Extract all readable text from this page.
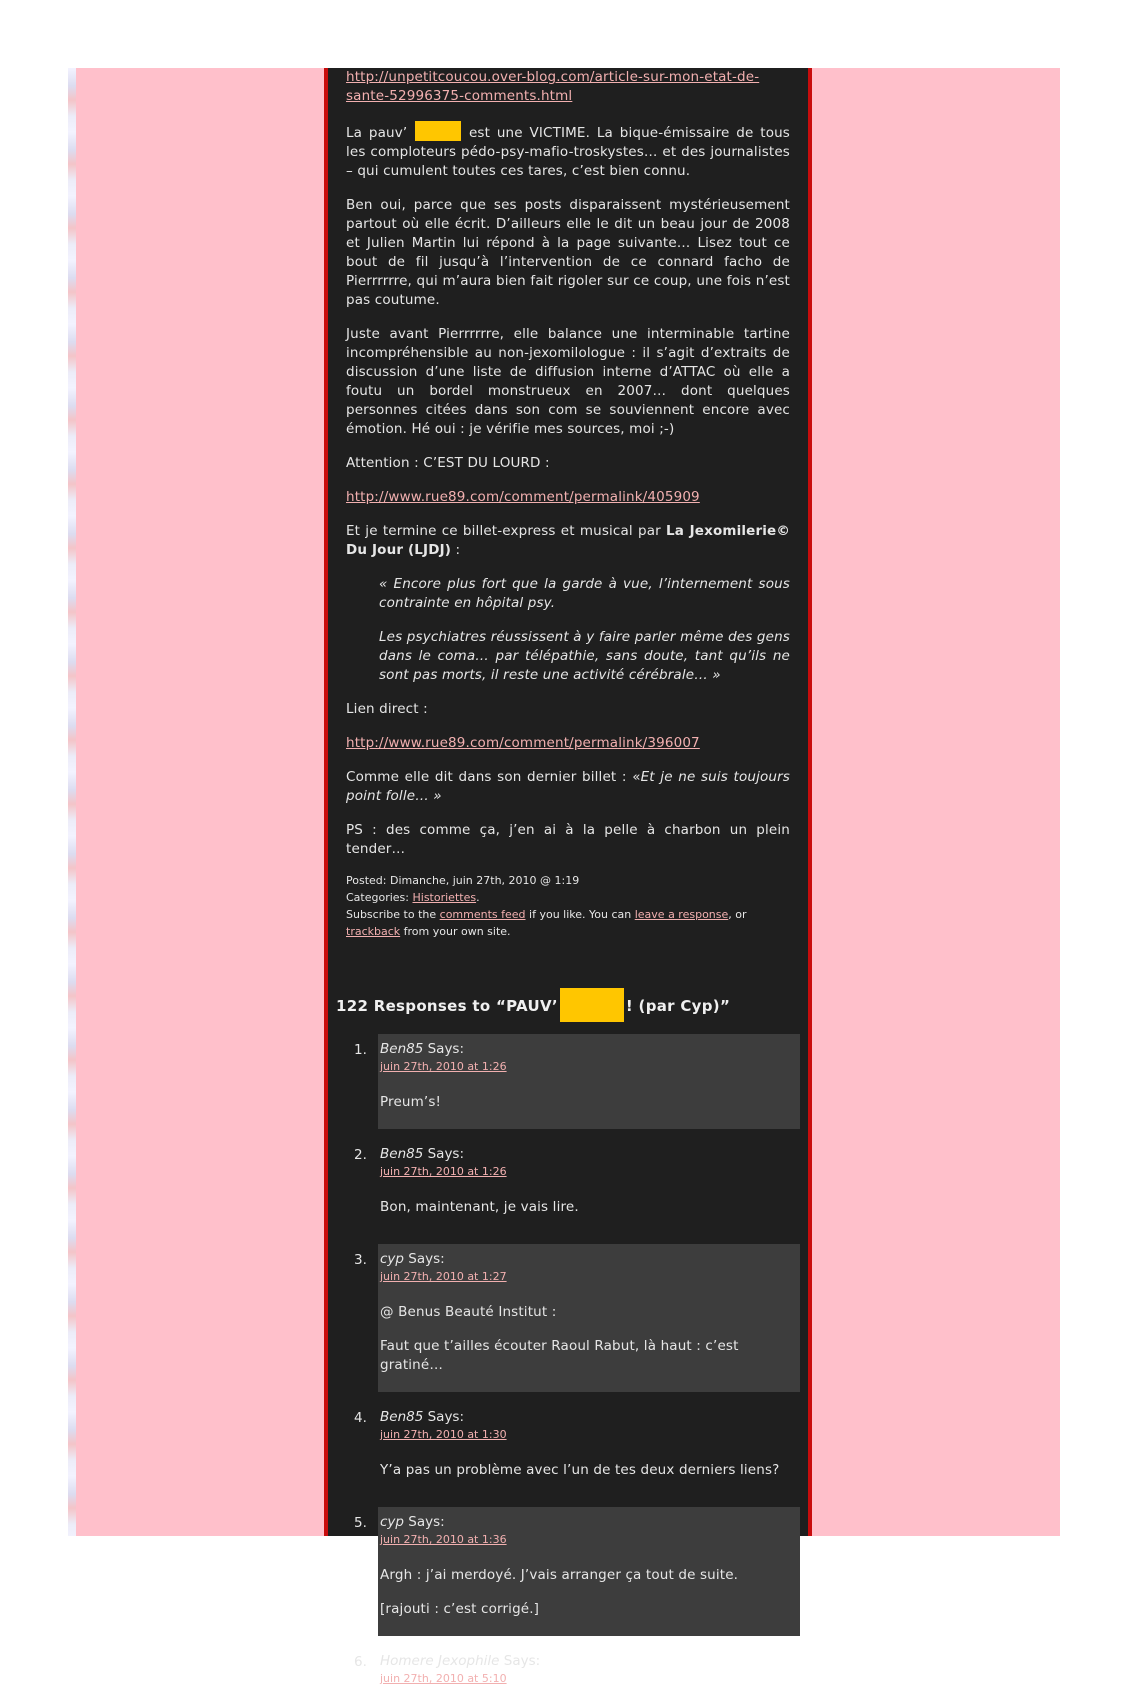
http://unpetitcoucou.over-blog.com/article-sur-mon-etat-de-sante-52996375-comments.html

La pauv’	est une VICTIME. La bique-émissaire de tous les comploteurs pédo-psy-mafio-troskystes… et des journalistes – qui cumulent toutes ces tares, c’est bien connu.

Ben oui, parce que ses posts disparaissent mystérieusement partout où elle écrit. D’ailleurs elle le dit un beau jour de 2008 et Julien Martin lui répond à la page suivante… Lisez tout ce bout de fil jusqu’à l’intervention de ce connard facho de Pierrrrrre, qui m’aura bien fait rigoler sur ce coup, une fois n’est pas coutume.

Juste avant Pierrrrrre, elle balance une interminable tartine incompréhensible au non-jexomilologue : il s’agit d’extraits de discussion d’une liste de diffusion interne d’ATTAC où elle a foutu un bordel monstrueux en 2007… dont quelques personnes citées dans son com se souviennent encore avec émotion. Hé oui : je vérifie mes sources, moi ;-)

Attention : C’EST DU LOURD :

http://www.rue89.com/comment/permalink/405909

Et je termine ce billet-express et musical par La Jexomilerie© Du Jour (LJDJ) :

« Encore plus fort que la garde à vue, l’internement sous contrainte en hôpital psy.

Les psychiatres réussissent à y faire parler même des gens dans le coma… par télépathie, sans doute, tant qu’ils ne sont pas morts, il reste une activité cérébrale… »

Lien direct :

http://www.rue89.com/comment/permalink/396007

Comme elle dit dans son dernier billet : «Et je ne suis toujours point folle… »

PS : des comme ça, j’en ai à la pelle à charbon un plein tender…

Posted: Dimanche, juin 27th, 2010 @ 1:19
Categories: Historiettes.
Subscribe to the comments feed if you like. You can leave a response, or trackback from your own site.
122 Responses to “PAUV’	! (par Cyp)”
1. Ben85 Says:
juin 27th, 2010 at 1:26

Preum’s!

2. Ben85 Says:
juin 27th, 2010 at 1:26

Bon, maintenant, je vais lire.

3. cyp Says:
juin 27th, 2010 at 1:27

@ Benus Beauté Institut :

Faut que t’ailles écouter Raoul Rabut, là haut : c’est gratiné…

4. Ben85 Says:
juin 27th, 2010 at 1:30

Y’a pas un problème avec l’un de tes deux derniers liens?

5. cyp Says:
juin 27th, 2010 at 1:36

Argh : j’ai merdoyé. J’vais arranger ça tout de suite.

[rajouti : c’est corrigé.]

6. Homere Jexophile Says:
juin 27th, 2010 at 5:10
